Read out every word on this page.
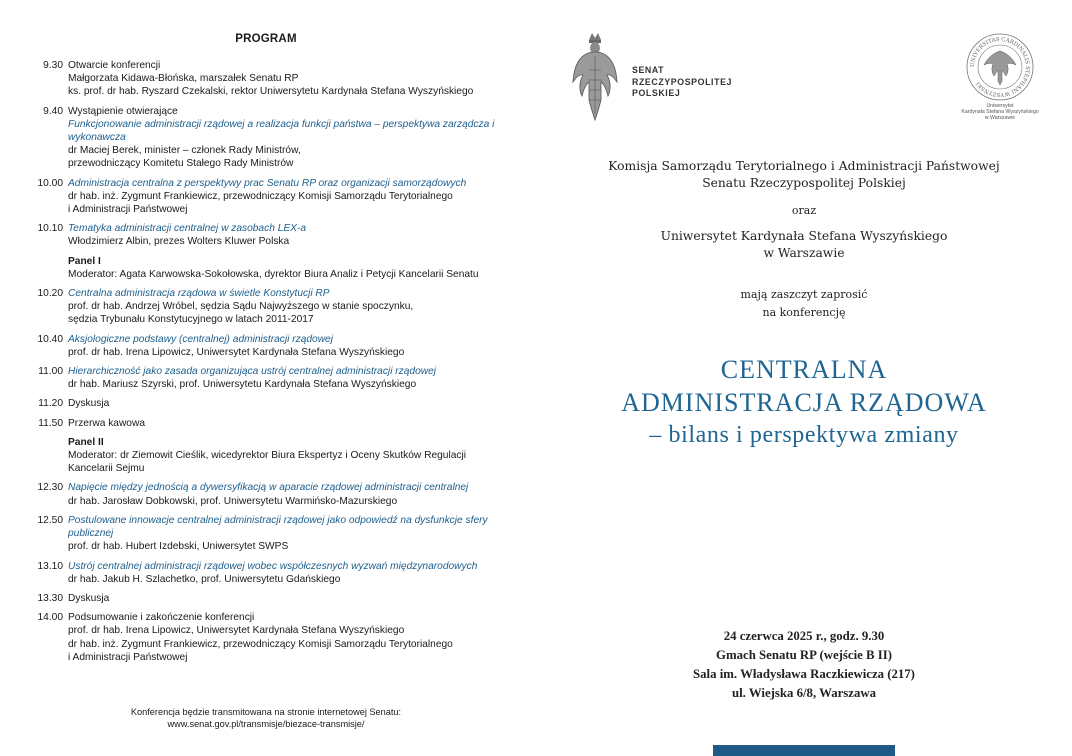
PROGRAM
9.30 Otwarcie konferencji
Małgorzata Kidawa-Błońska, marszałek Senatu RP
ks. prof. dr hab. Ryszard Czekalski, rektor Uniwersytetu Kardynała Stefana Wyszyńskiego
9.40 Wystąpienie otwierające
Funkcjonowanie administracji rządowej a realizacja funkcji państwa – perspektywa zarządcza i wykonawcza
dr Maciej Berek, minister – członek Rady Ministrów,
przewodniczący Komitetu Stałego Rady Ministrów
10.00 Administracja centralna z perspektywy prac Senatu RP oraz organizacji samorządowych
dr hab. inż. Zygmunt Frankiewicz, przewodniczący Komisji Samorządu Terytorialnego
i Administracji Państwowej
10.10 Tematyka administracji centralnej w zasobach LEX-a
Włodzimierz Albin, prezes Wolters Kluwer Polska
Panel I
Moderator: Agata Karwowska-Sokołowska, dyrektor Biura Analiz i Petycji Kancelarii Senatu
10.20 Centralna administracja rządowa w świetle Konstytucji RP
prof. dr hab. Andrzej Wróbel, sędzia Sądu Najwyższego w stanie spoczynku,
sędzia Trybunału Konstytucyjnego w latach 2011-2017
10.40 Aksjologiczne podstawy (centralnej) administracji rządowej
prof. dr hab. Irena Lipowicz, Uniwersytet Kardynała Stefana Wyszyńskiego
11.00 Hierarchiczność jako zasada organizująca ustrój centralnej administracji rządowej
dr hab. Mariusz Szyrski, prof. Uniwersytetu Kardynała Stefana Wyszyńskiego
11.20 Dyskusja
11.50 Przerwa kawowa
Panel II
Moderator: dr Ziemowit Cieślik, wicedyrektor Biura Ekspertyz i Oceny Skutków Regulacji Kancelarii Sejmu
12.30 Napięcie między jednością a dywersyfikacją w aparacie rządowej administracji centralnej
dr hab. Jarosław Dobkowski, prof. Uniwersytetu Warmińsko-Mazurskiego
12.50 Postulowane innowacje centralnej administracji rządowej jako odpowiedź na dysfunkcje sfery publicznej
prof. dr hab. Hubert Izdebski, Uniwersytet SWPS
13.10 Ustrój centralnej administracji rządowej wobec współczesnych wyzwań międzynarodowych
dr hab. Jakub H. Szlachetko, prof. Uniwersytetu Gdańskiego
13.30 Dyskusja
14.00 Podsumowanie i zakończenie konferencji
prof. dr hab. Irena Lipowicz, Uniwersytet Kardynała Stefana Wyszyńskiego
dr hab. inż. Zygmunt Frankiewicz, przewodniczący Komisji Samorządu Terytorialnego
i Administracji Państwowej
Konferencja będzie transmitowana na stronie internetowej Senatu:
www.senat.gov.pl/transmisje/biezace-transmisje/
SENAT
RZECZYPOSPOLITEJ
POLSKIEJ
UNIVERSITAS CARDINALIS STEPHANI WYSZYŃSKI
Uniwersytet
Kardynała Stefana Wyszyńskiego
w Warszawie
Komisja Samorządu Terytorialnego i Administracji Państwowej
Senatu Rzeczypospolitej Polskiej
oraz
Uniwersytet Kardynała Stefana Wyszyńskiego
w Warszawie
mają zaszczyt zaprosić
na konferencję
CENTRALNA
ADMINISTRACJA RZĄDOWA
– bilans i perspektywa zmiany
24 czerwca 2025 r., godz. 9.30
Gmach Senatu RP (wejście B II)
Sala im. Władysława Raczkiewicza (217)
ul. Wiejska 6/8, Warszawa
